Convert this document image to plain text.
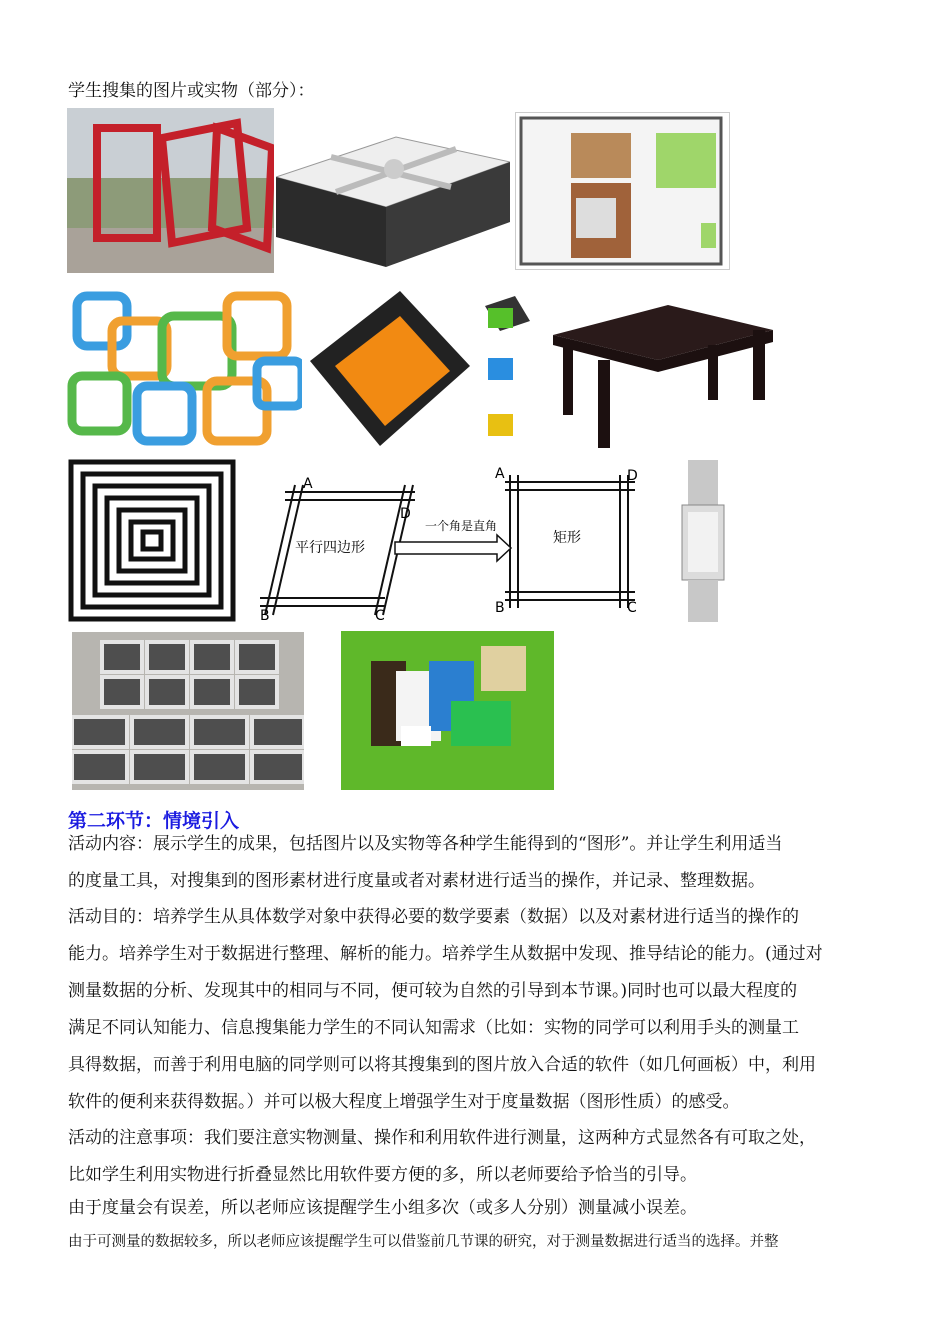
学生搜集的图片或实物（部分）：
A
B	C
D
平行四边形
一个角是直角
A
B	C
D
矩形
第二环节：情境引入
活动内容：展示学生的成果，包括图片以及实物等各种学生能得到的“图形”。并让学生利用适当
的度量工具，对搜集到的图形素材进行度量或者对素材进行适当的操作，并记录、整理数据。
活动目的：培养学生从具体数学对象中获得必要的数学要素（数据）以及对素材进行适当的操作的
能力。培养学生对于数据进行整理、解析的能力。培养学生从数据中发现、推导结论的能力。(通过对
测量数据的分析、发现其中的相同与不同，便可较为自然的引导到本节课。)同时也可以最大程度的
满足不同认知能力、信息搜集能力学生的不同认知需求（比如：实物的同学可以利用手头的测量工
具得数据，而善于利用电脑的同学则可以将其搜集到的图片放入合适的软件（如几何画板）中，利用
软件的便利来获得数据。）并可以极大程度上增强学生对于度量数据（图形性质）的感受。
活动的注意事项：我们要注意实物测量、操作和利用软件进行测量，这两种方式显然各有可取之处，
比如学生利用实物进行折叠显然比用软件要方便的多，所以老师要给予恰当的引导。
由于度量会有误差，所以老师应该提醒学生小组多次（或多人分别）测量减小误差。
由于可测量的数据较多，所以老师应该提醒学生可以借鉴前几节课的研究，对于测量数据进行适当的选择。并整
